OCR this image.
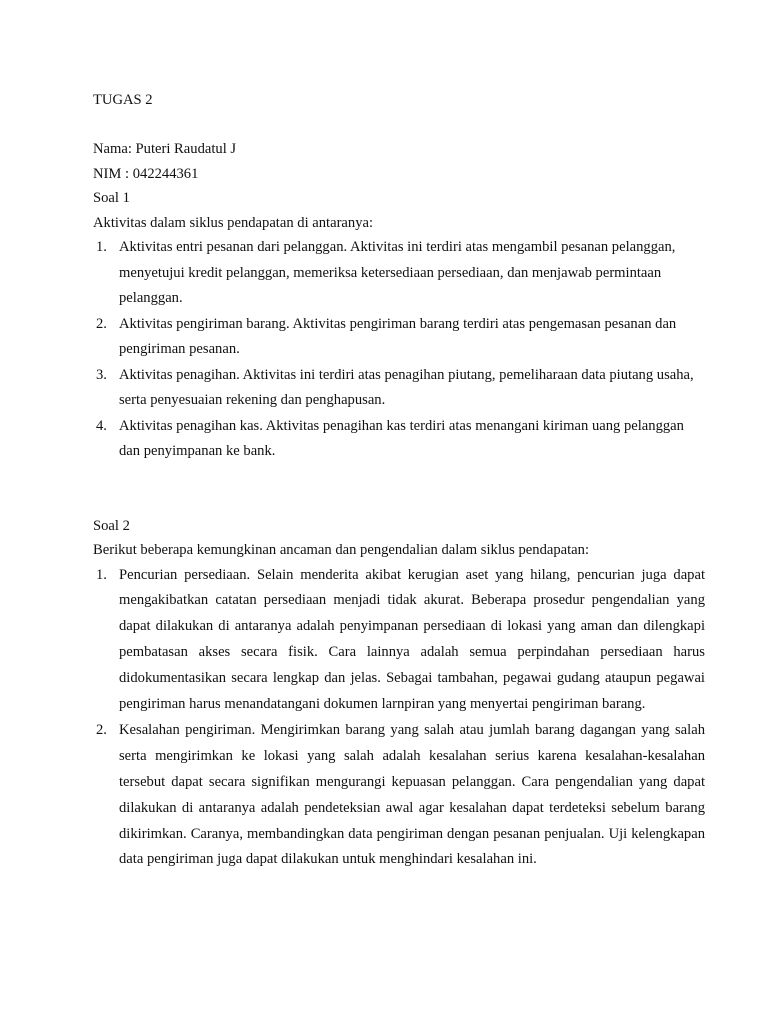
TUGAS 2

Nama: Puteri Raudatul J

NIM : 042244361

Soal 1

Aktivitas dalam siklus pendapatan di antaranya:

1. Aktivitas entri pesanan dari pelanggan. Aktivitas ini terdiri atas mengambil pesanan pelanggan, menyetujui kredit pelanggan, memeriksa ketersediaan persediaan, dan menjawab permintaan pelanggan.
2. Aktivitas pengiriman barang. Aktivitas pengiriman barang terdiri atas pengemasan pesanan dan pengiriman pesanan.
3. Aktivitas penagihan. Aktivitas ini terdiri atas penagihan piutang, pemeliharaan data piutang usaha, serta penyesuaian rekening dan penghapusan.
4. Aktivitas penagihan kas. Aktivitas penagihan kas terdiri atas menangani kiriman uang pelanggan dan penyimpanan ke bank.

Soal 2

Berikut beberapa kemungkinan ancaman dan pengendalian dalam siklus pendapatan:

1. Pencurian persediaan. Selain menderita akibat kerugian aset yang hilang, pencurian juga dapat mengakibatkan catatan persediaan menjadi tidak akurat. Beberapa prosedur pengendalian yang dapat dilakukan di antaranya adalah penyimpanan persediaan di lokasi yang aman dan dilengkapi pembatasan akses secara fisik. Cara lainnya adalah semua perpindahan persediaan harus didokumentasikan secara lengkap dan jelas. Sebagai tambahan, pegawai gudang ataupun pegawai pengiriman harus menandatangani dokumen larnpiran yang menyertai pengiriman barang.
2. Kesalahan pengiriman. Mengirimkan barang yang salah atau jumlah barang dagangan yang salah serta mengirimkan ke lokasi yang salah adalah kesalahan serius karena kesalahan-kesalahan tersebut dapat secara signifikan mengurangi kepuasan pelanggan. Cara pengendalian yang dapat dilakukan di antaranya adalah pendeteksian awal agar kesalahan dapat terdeteksi sebelum barang dikirimkan. Caranya, membandingkan data pengiriman dengan pesanan penjualan. Uji kelengkapan data pengiriman juga dapat dilakukan untuk menghindari kesalahan ini.
